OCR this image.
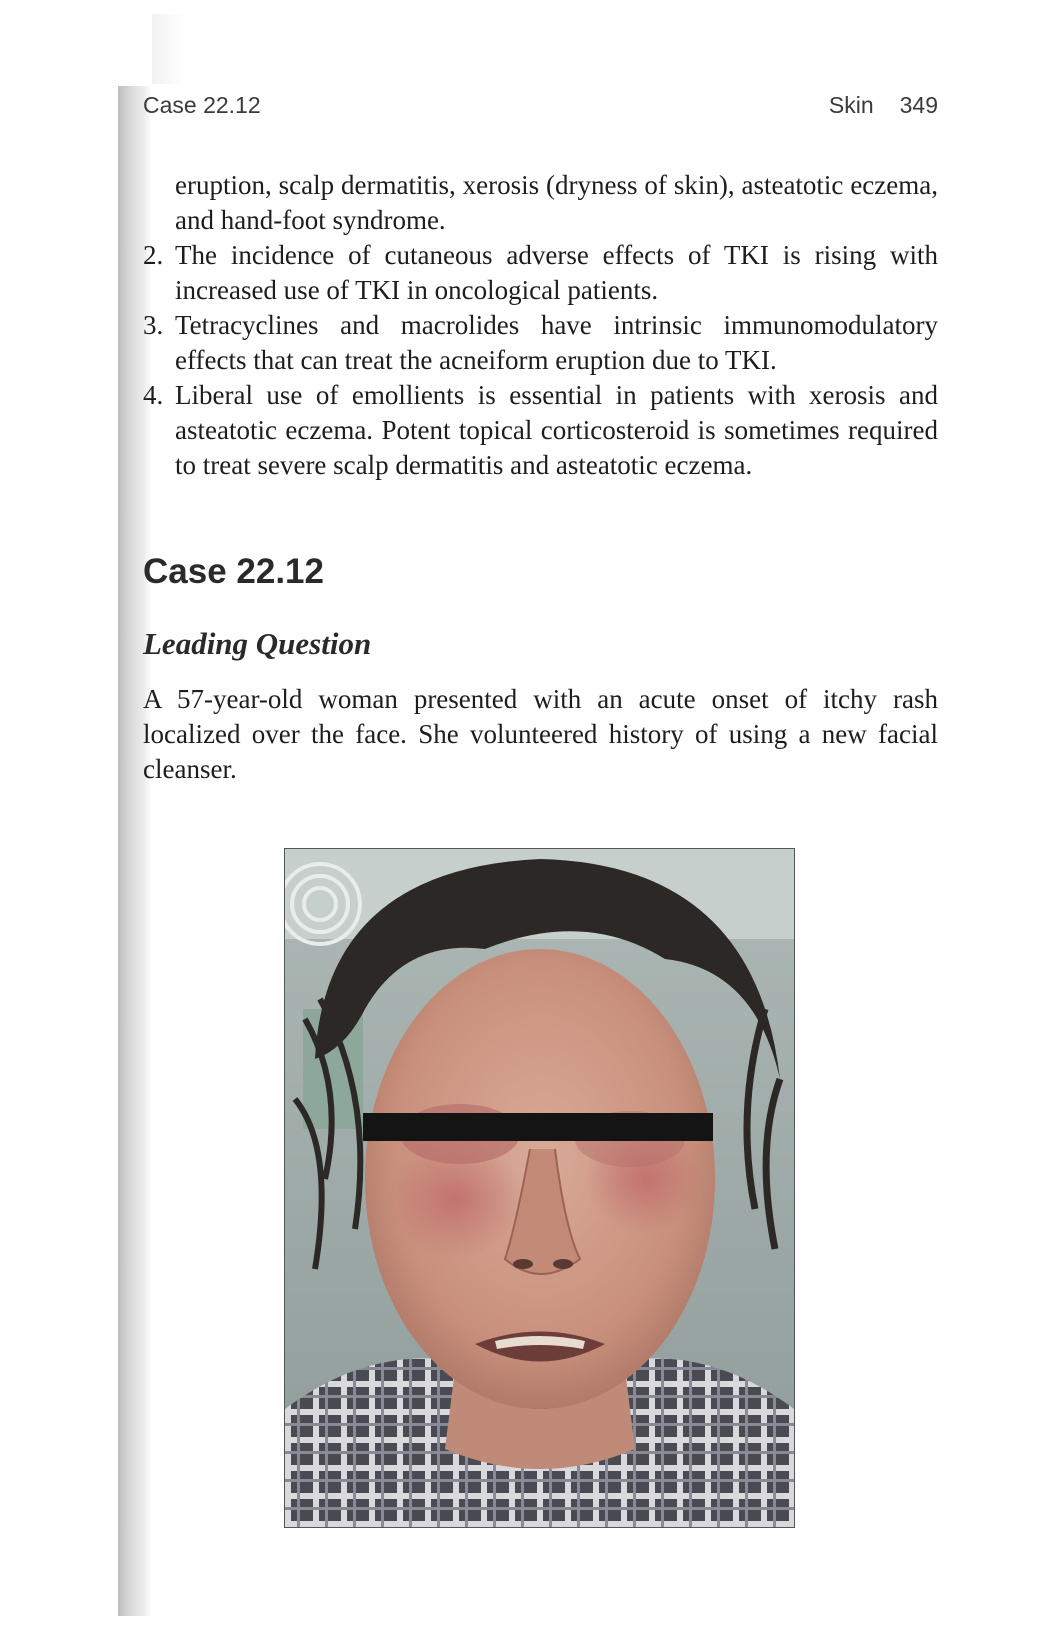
Case 22.12	Skin 349

eruption, scalp dermatitis, xerosis (dryness of skin), asteatotic eczema, and hand-foot syndrome.

2. The incidence of cutaneous adverse effects of TKI is rising with increased use of TKI in oncological patients.
3. Tetracyclines and macrolides have intrinsic immunomodulatory effects that can treat the acneiform eruption due to TKI.
4. Liberal use of emollients is essential in patients with xerosis and asteatotic eczema. Potent topical corticosteroid is sometimes required to treat severe scalp dermatitis and asteatotic eczema.
Case 22.12
Leading Question

A 57-year-old woman presented with an acute onset of itchy rash localized over the face. She volunteered history of using a new facial cleanser.
